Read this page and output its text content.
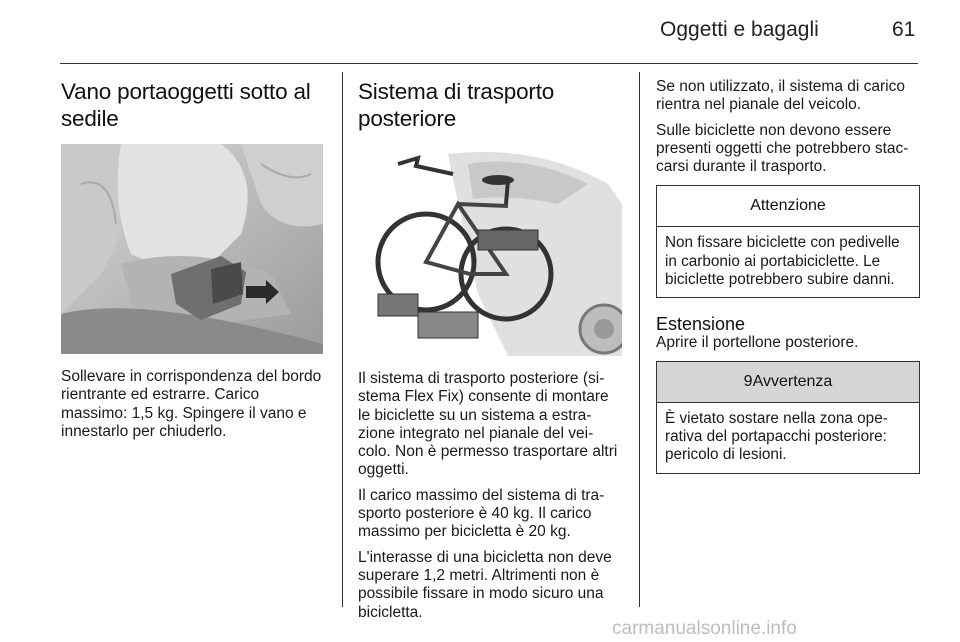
Oggetti e bagagli	61
Vano portaoggetti sotto al sedile

Sollevare in corrispondenza del bordo rientrante ed estrarre. Carico massimo: 1,5 kg. Spingere il vano e innestarlo per chiuderlo.

Sistema di trasporto posteriore

Il sistema di trasporto posteriore (si-stema Flex Fix) consente di montare le biciclette su un sistema a estra-zione integrato nel pianale del vei-colo. Non è permesso trasportare altri oggetti.

Il carico massimo del sistema di tra-sporto posteriore è 40 kg. Il carico massimo per bicicletta è 20 kg.

L'interasse di una bicicletta non deve superare 1,2 metri. Altrimenti non è possibile fissare in modo sicuro una bicicletta.

Se non utilizzato, il sistema di carico rientra nel pianale del veicolo.

Sulle biciclette non devono essere presenti oggetti che potrebbero stac-carsi durante il trasporto.

Attenzione
Non fissare biciclette con pedivelle in carbonio ai portabiciclette. Le biciclette potrebbero subire danni.
Estensione

Aprire il portellone posteriore.

9Avvertenza
È vietato sostare nella zona ope-rativa del portapacchi posteriore: pericolo di lesioni.
carmanualsonline.info
